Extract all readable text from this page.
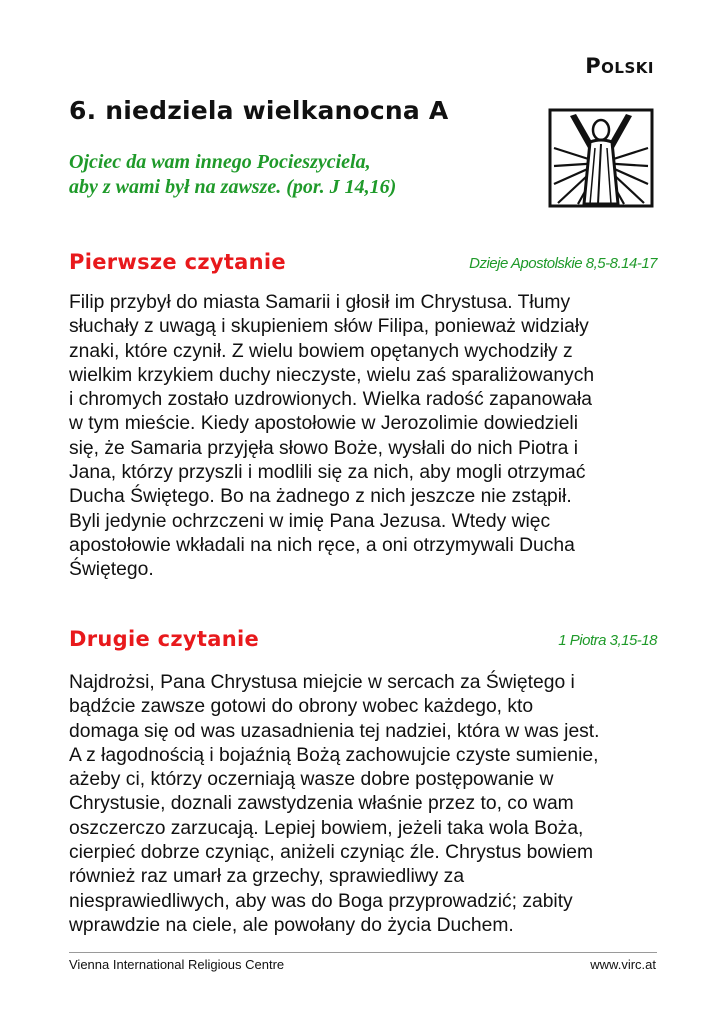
Polski
6. niedziela wielkanocna A
Ojciec da wam innego Pocieszyciela,
aby z wami był na zawsze. (por. J 14,16)
Pierwsze czytanie	Dzieje Apostolskie 8,5-8.14-17
Filip przybył do miasta Samarii i głosił im Chrystusa. Tłumy
słuchały z uwagą i skupieniem słów Filipa, ponieważ widziały
znaki, które czynił. Z wielu bowiem opętanych wychodziły z
wielkim krzykiem duchy nieczyste, wielu zaś sparaliżowanych
i chromych zostało uzdrowionych. Wielka radość zapanowała
w tym mieście. Kiedy apostołowie w Jerozolimie dowiedzieli
się, że Samaria przyjęła słowo Boże, wysłali do nich Piotra i
Jana, którzy przyszli i modlili się za nich, aby mogli otrzymać
Ducha Świętego. Bo na żadnego z nich jeszcze nie zstąpił.
Byli jedynie ochrzczeni w imię Pana Jezusa. Wtedy więc
apostołowie wkładali na nich ręce, a oni otrzymywali Ducha
Świętego.
Drugie czytanie	1 Piotra 3,15-18
Najdrożsi, Pana Chrystusa miejcie w sercach za Świętego i
bądźcie zawsze gotowi do obrony wobec każdego, kto
domaga się od was uzasadnienia tej nadziei, która w was jest.
A z łagodnością i bojaźnią Bożą zachowujcie czyste sumienie,
ażeby ci, którzy oczerniają wasze dobre postępowanie w
Chrystusie, doznali zawstydzenia właśnie przez to, co wam
oszczerczo zarzucają. Lepiej bowiem, jeżeli taka wola Boża,
cierpieć dobrze czyniąc, aniżeli czyniąc źle. Chrystus bowiem
również raz umarł za grzechy, sprawiedliwy za
niesprawiedliwych, aby was do Boga przyprowadzić; zabity
wprawdzie na ciele, ale powołany do życia Duchem.
Vienna International Religious Centre	www.virc.at
